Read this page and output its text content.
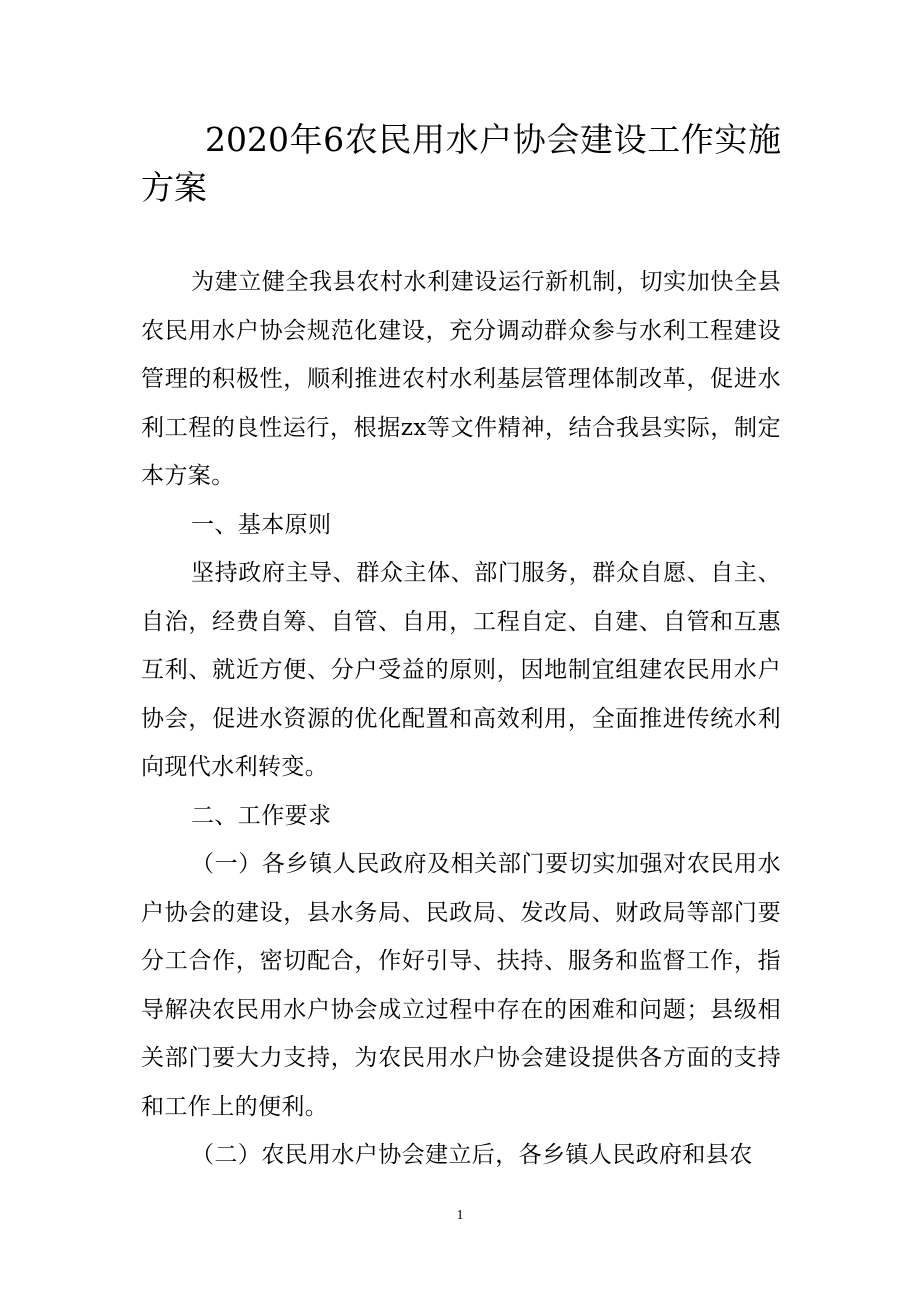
2020年6农民用水户协会建设工作实施方案

为建立健全我县农村水利建设运行新机制，切实加快全县农民用水户协会规范化建设，充分调动群众参与水利工程建设管理的积极性，顺利推进农村水利基层管理体制改革，促进水利工程的良性运行，根据zx等文件精神，结合我县实际，制定本方案。

一、基本原则

坚持政府主导、群众主体、部门服务，群众自愿、自主、自治，经费自筹、自管、自用，工程自定、自建、自管和互惠互利、就近方便、分户受益的原则，因地制宜组建农民用水户协会，促进水资源的优化配置和高效利用，全面推进传统水利向现代水利转变。

二、工作要求

（一）各乡镇人民政府及相关部门要切实加强对农民用水户协会的建设，县水务局、民政局、发改局、财政局等部门要分工合作，密切配合，作好引导、扶持、服务和监督工作，指导解决农民用水户协会成立过程中存在的困难和问题；县级相关部门要大力支持，为农民用水户协会建设提供各方面的支持和工作上的便利。

（二）农民用水户协会建立后，各乡镇人民政府和县农

1
